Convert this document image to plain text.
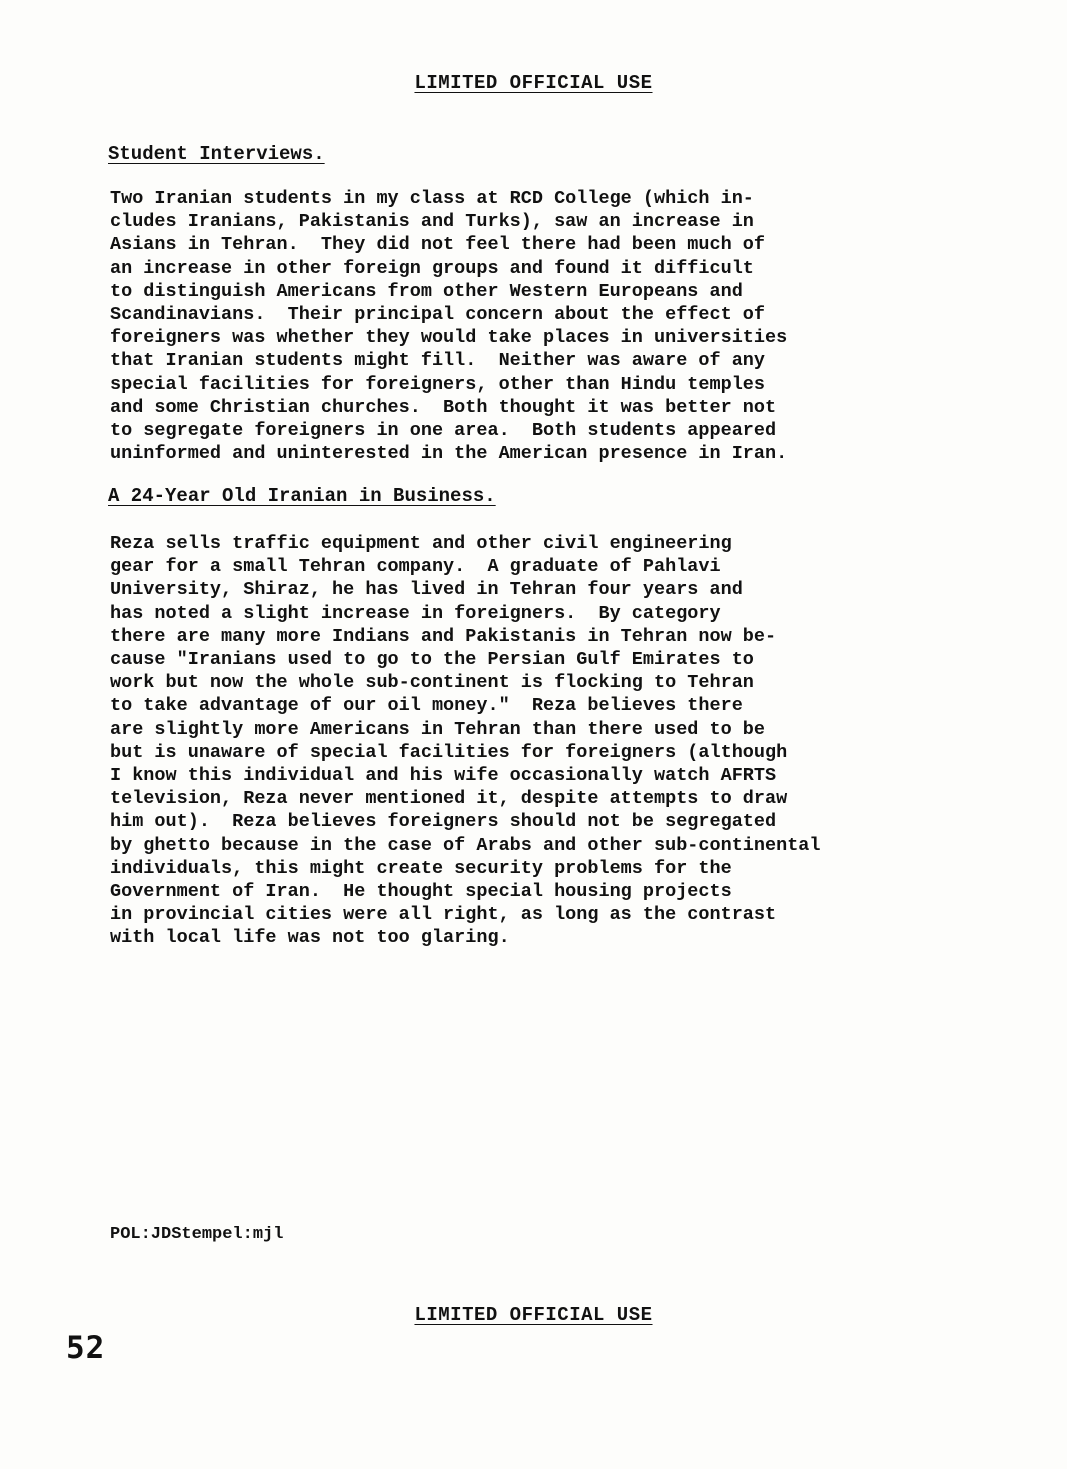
LIMITED OFFICIAL USE

Student Interviews.

Two Iranian students in my class at RCD College (which in-
cludes Iranians, Pakistanis and Turks), saw an increase in
Asians in Tehran.  They did not feel there had been much of
an increase in other foreign groups and found it difficult
to distinguish Americans from other Western Europeans and
Scandinavians.  Their principal concern about the effect of
foreigners was whether they would take places in universities
that Iranian students might fill.  Neither was aware of any
special facilities for foreigners, other than Hindu temples
and some Christian churches.  Both thought it was better not
to segregate foreigners in one area.  Both students appeared
uninformed and uninterested in the American presence in Iran.

A 24-Year Old Iranian in Business.

Reza sells traffic equipment and other civil engineering
gear for a small Tehran company.  A graduate of Pahlavi
University, Shiraz, he has lived in Tehran four years and
has noted a slight increase in foreigners.  By category
there are many more Indians and Pakistanis in Tehran now be-
cause "Iranians used to go to the Persian Gulf Emirates to
work but now the whole sub-continent is flocking to Tehran
to take advantage of our oil money."  Reza believes there
are slightly more Americans in Tehran than there used to be
but is unaware of special facilities for foreigners (although
I know this individual and his wife occasionally watch AFRTS
television, Reza never mentioned it, despite attempts to draw
him out).  Reza believes foreigners should not be segregated
by ghetto because in the case of Arabs and other sub-continental
individuals, this might create security problems for the
Government of Iran.  He thought special housing projects
in provincial cities were all right, as long as the contrast
with local life was not too glaring.

POL:JDStempel:mjl

LIMITED OFFICIAL USE

52
